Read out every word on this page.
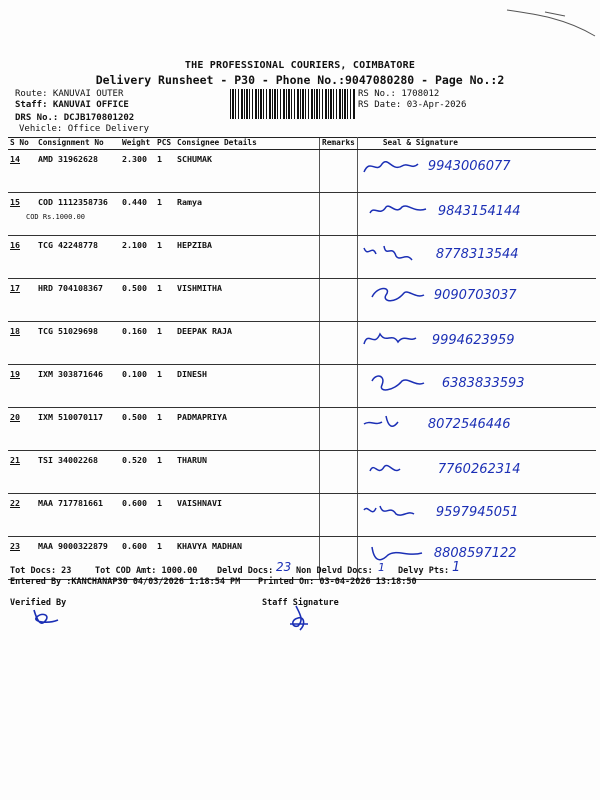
THE PROFESSIONAL COURIERS, COIMBATORE
Delivery Runsheet - P30 - Phone No.:9047080280 - Page No.:2
Route: KANUVAI OUTER
Staff: KANUVAI OFFICE
DRS No.: DCJB170801202
Vehicle: Office Delivery
RS No.: 1708012
RS Date: 03-Apr-2026
S No	Consignment No	Weight	PCS	Consignee Details	Remarks	Seal & Signature
14	AMD 31962628	2.300	1	SCHUMAK		9943006077

15	COD 1112358736
COD Rs.1000.00	0.440	1	Ramya		9843154144

16	TCG 42248778	2.100	1	HEPZIBA		8778313544

17	HRD 704108367	0.500	1	VISHMITHA		9090703037

18	TCG 51029698	0.160	1	DEEPAK RAJA		9994623959

19	IXM 303871646	0.100	1	DINESH		6383833593

20	IXM 510070117	0.500	1	PADMAPRIYA		8072546446

21	TSI 34002268	0.520	1	THARUN		7760262314

22	MAA 717781661	0.600	1	VAISHNAVI		9597945051

23	MAA 9000322879	0.600	1	KHAVYA MADHAN		8808597122
Tot Docs: 23	Tot COD Amt: 1000.00 Delvd Docs: 23 Non Delvd Docs: 1 Delvy Pts: 1
Entered By :KANCHANAP30 04/03/2026 1:18:54 PM Printed On: 03-04-2026 13:18:50
Verified By	Staff Signature
